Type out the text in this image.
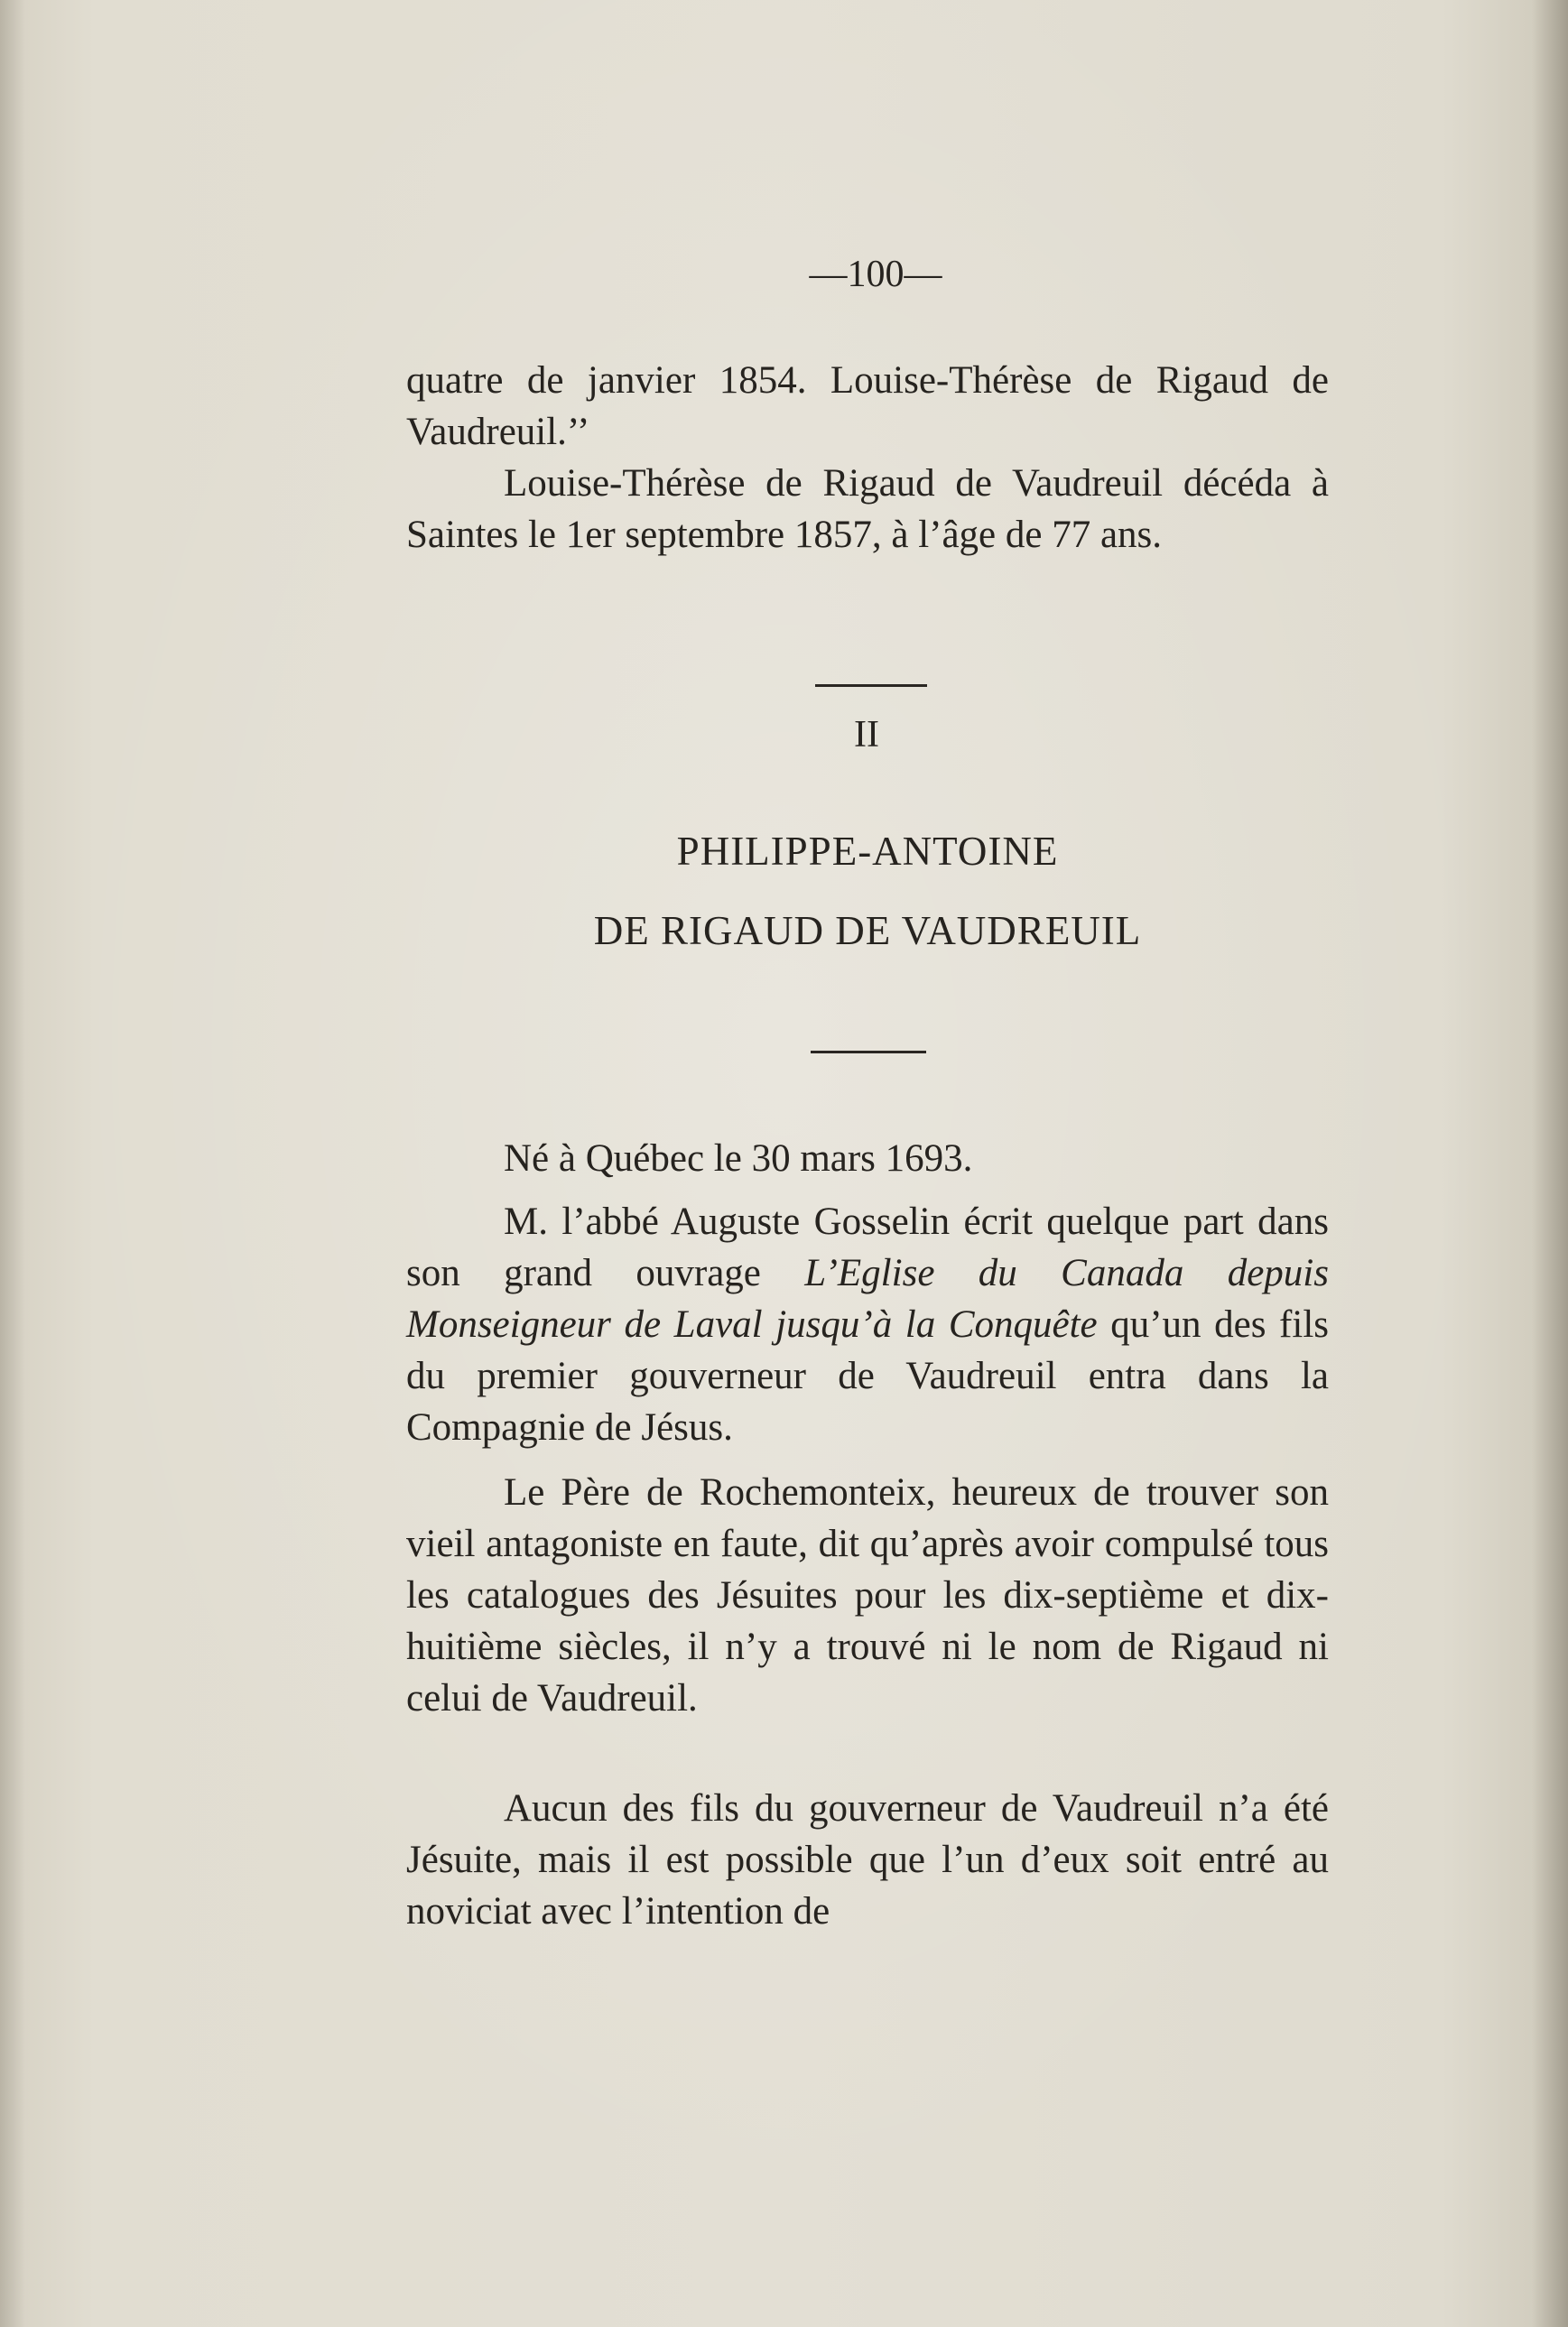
—100—

quatre de janvier 1854. Louise-Thérèse de Rigaud de Vaudreuil.’’

Louise-Thérèse de Rigaud de Vaudreuil décéda à Saintes le 1er septembre 1857, à l’âge de 77 ans.

II
PHILIPPE-ANTOINE
DE RIGAUD DE VAUDREUIL

Né à Québec le 30 mars 1693.

M. l’abbé Auguste Gosselin écrit quelque part dans son grand ouvrage L’Eglise du Canada depuis Monseigneur de Laval jusqu’à la Conquête qu’un des fils du premier gouverneur de Vaudreuil entra dans la Compagnie de Jésus.

Le Père de Rochemonteix, heureux de trouver son vieil antagoniste en faute, dit qu’après avoir compulsé tous les catalogues des Jésuites pour les dix-septième et dix-huitième siècles, il n’y a trouvé ni le nom de Rigaud ni celui de Vaudreuil.

Aucun des fils du gouverneur de Vaudreuil n’a été Jésuite, mais il est possible que l’un d’eux soit entré au noviciat avec l’intention de
